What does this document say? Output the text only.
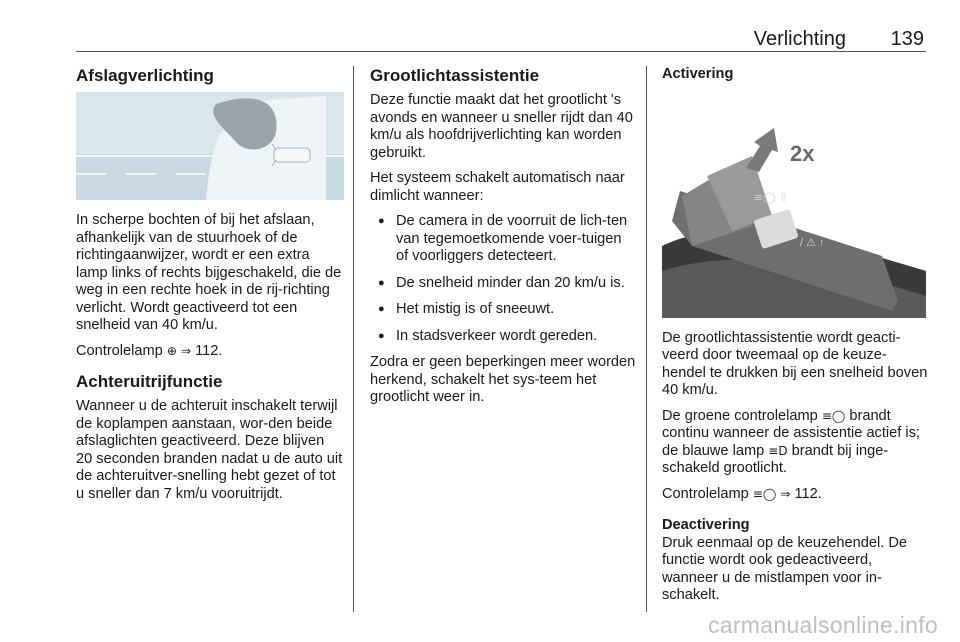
Verlichting 139
Afslagverlichting

In scherpe bochten of bij het afslaan, afhankelijk van de stuurhoek of de richtingaanwijzer, wordt er een extra lamp links of rechts bijgeschakeld, die de weg in een rechte hoek in de rij-richting verlicht. Wordt geactiveerd tot een snelheid van 40 km/u.

Controlelamp ⊕ ⇒ 112.

Achteruitrijfunctie

Wanneer u de achteruit inschakelt terwijl de koplampen aanstaan, wor-den beide afslaglichten geactiveerd. Deze blijven 20 seconden branden nadat u de auto uit de achteruitver-snelling hebt gezet of tot u sneller dan 7 km/u vooruitrijdt.

Grootlichtassistentie

Deze functie maakt dat het grootlicht 's avonds en wanneer u sneller rijdt dan 40 km/u als hoofdrijverlichting kan worden gebruikt.

Het systeem schakelt automatisch naar dimlicht wanneer:

● De camera in de voorruit de lich-ten van tegemoetkomende voer-tuigen of voorliggers detecteert.
● De snelheid minder dan 20 km/u is.
● Het mistig is of sneeuwt.
● In stadsverkeer wordt gereden.

Zodra er geen beperkingen meer worden herkend, schakelt het sys-teem het grootlicht weer in.

Activering
/ ⚠ ↑
≡◯ ⇧
2x

De grootlichtassistentie wordt geacti-veerd door tweemaal op de keuze-hendel te drukken bij een snelheid boven 40 km/u.

De groene controlelamp ≡◯ brandt continu wanneer de assistentie actief is; de blauwe lamp ≡D brandt bij inge-schakeld grootlicht.

Controlelamp ≡◯ ⇒ 112.

Deactivering

Druk eenmaal op de keuzehendel. De functie wordt ook gedeactiveerd, wanneer u de mistlampen voor in-schakelt.

carmanualsonline.info
